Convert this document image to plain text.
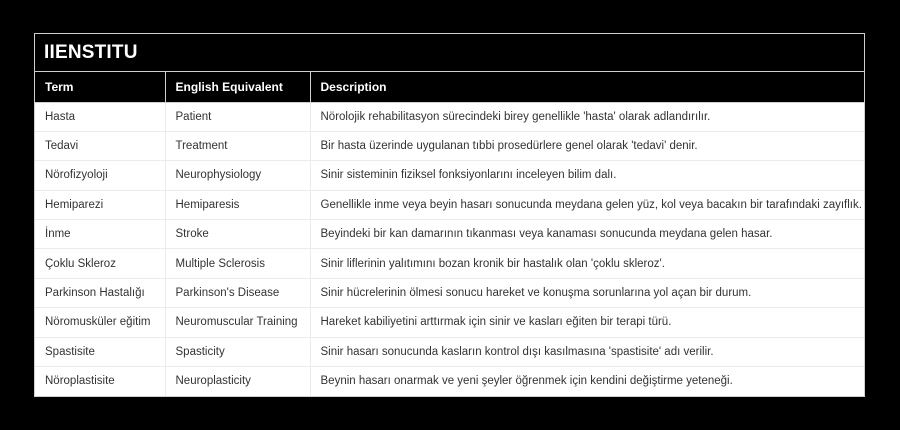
IIENSTITU
Term	English Equivalent	Description
Hasta	Patient	Nörolojik rehabilitasyon sürecindeki birey genellikle 'hasta' olarak adlandırılır.
Tedavi	Treatment	Bir hasta üzerinde uygulanan tıbbi prosedürlere genel olarak 'tedavi' denir.
Nörofizyoloji	Neurophysiology	Sinir sisteminin fiziksel fonksiyonlarını inceleyen bilim dalı.
Hemiparezi	Hemiparesis	Genellikle inme veya beyin hasarı sonucunda meydana gelen yüz, kol veya bacakın bir tarafındaki zayıflık.
İnme	Stroke	Beyindeki bir kan damarının tıkanması veya kanaması sonucunda meydana gelen hasar.
Çoklu Skleroz	Multiple Sclerosis	Sinir liflerinin yalıtımını bozan kronik bir hastalık olan 'çoklu skleroz'.
Parkinson Hastalığı	Parkinson's Disease	Sinir hücrelerinin ölmesi sonucu hareket ve konuşma sorunlarına yol açan bir durum.
Nöromusküler eğitim	Neuromuscular Training	Hareket kabiliyetini arttırmak için sinir ve kasları eğiten bir terapi türü.
Spastisite	Spasticity	Sinir hasarı sonucunda kasların kontrol dışı kasılmasına 'spastisite' adı verilir.
Nöroplastisite	Neuroplasticity	Beynin hasarı onarmak ve yeni şeyler öğrenmek için kendini değiştirme yeteneği.
